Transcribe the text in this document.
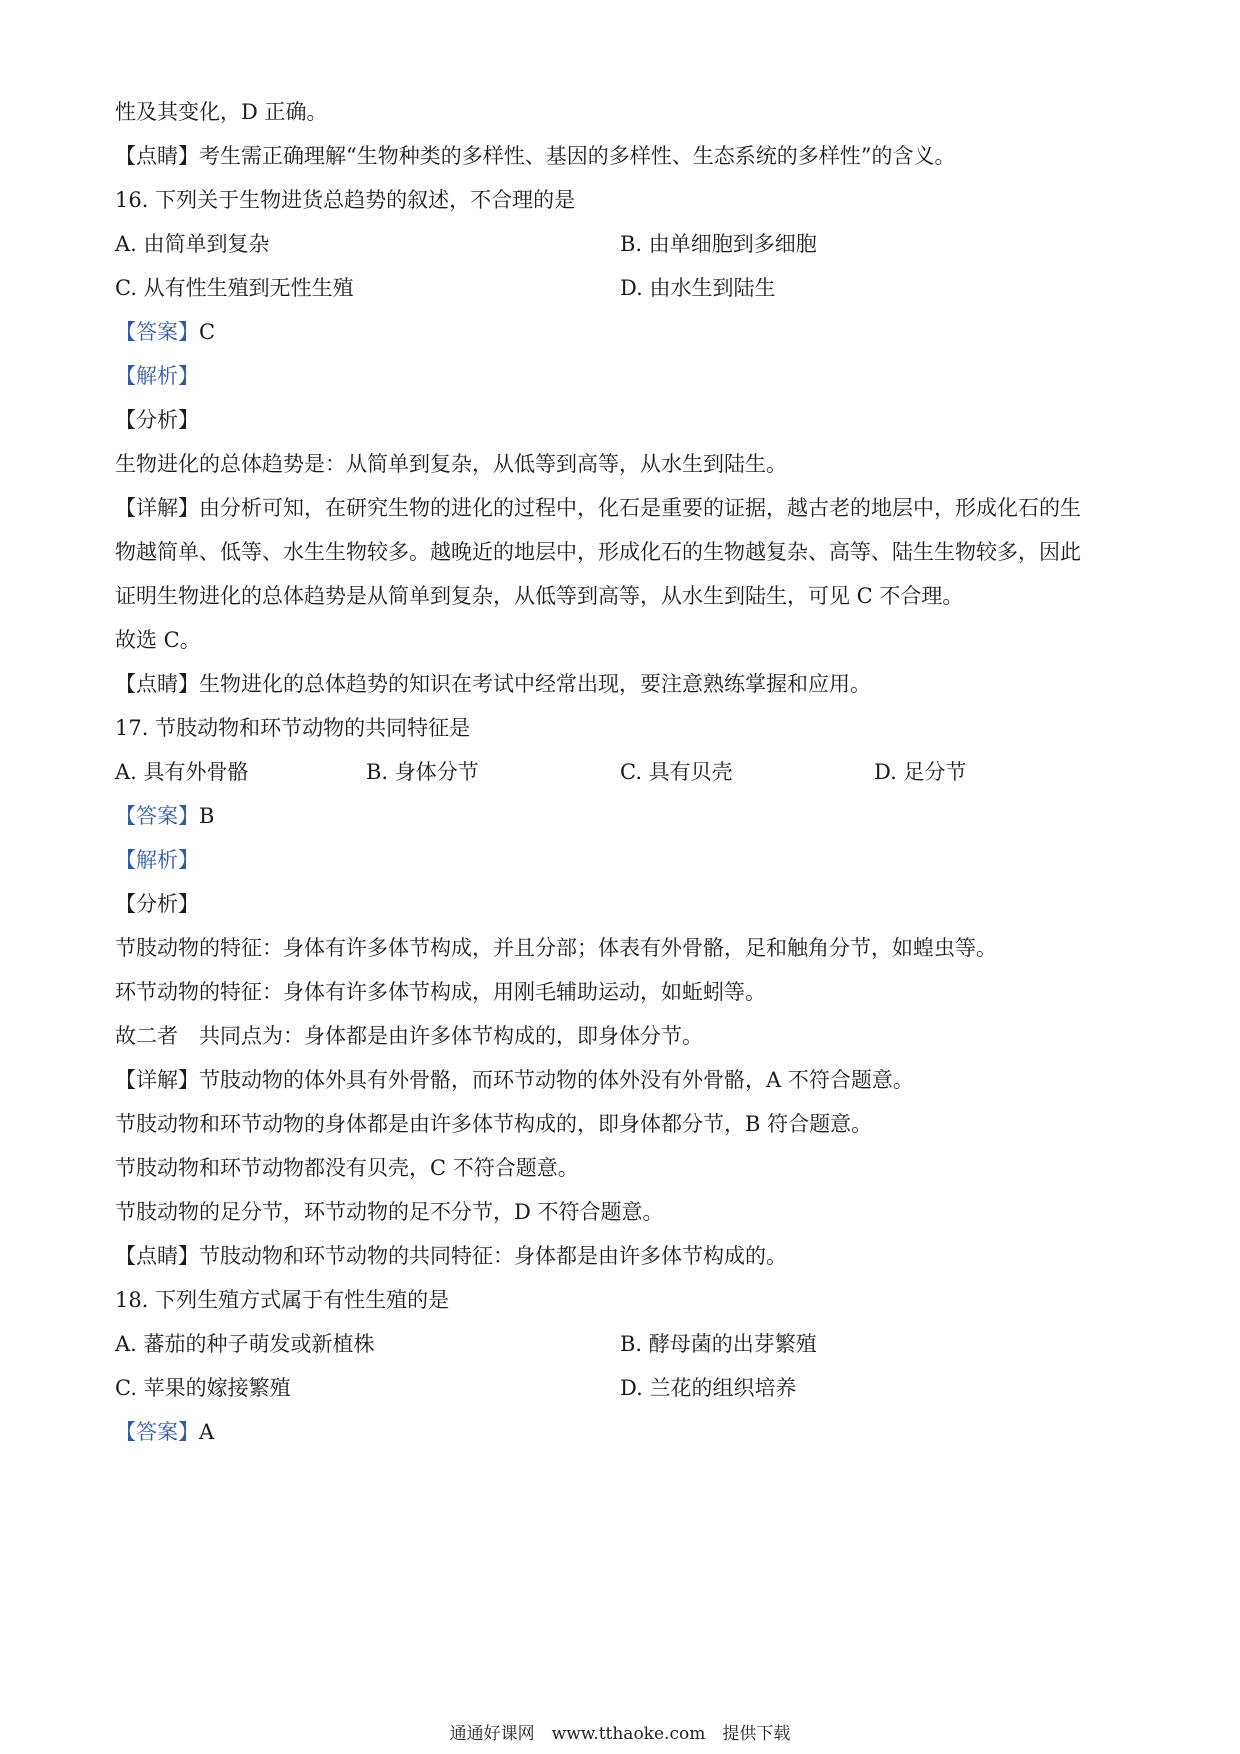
性及其变化，D 正确。
【点睛】考生需正确理解“生物种类的多样性、基因的多样性、生态系统的多样性”的含义。
16. 下列关于生物进货总趋势的叙述，不合理的是
A. 由简单到复杂	B. 由单细胞到多细胞
C. 从有性生殖到无性生殖	D. 由水生到陆生
【答案】C
【解析】
【分析】
生物进化的总体趋势是：从简单到复杂，从低等到高等，从水生到陆生。
【详解】由分析可知，在研究生物的进化的过程中，化石是重要的证据，越古老的地层中，形成化石的生
物越简单、低等、水生生物较多。越晚近的地层中，形成化石的生物越复杂、高等、陆生生物较多，因此
证明生物进化的总体趋势是从简单到复杂，从低等到高等，从水生到陆生，可见 C 不合理。
故选 C。
【点睛】生物进化的总体趋势的知识在考试中经常出现，要注意熟练掌握和应用。
17. 节肢动物和环节动物的共同特征是
A. 具有外骨骼	B. 身体分节	C. 具有贝壳	D. 足分节
【答案】B
【解析】
【分析】
节肢动物的特征：身体有许多体节构成，并且分部；体表有外骨骼，足和触角分节，如蝗虫等。
环节动物的特征：身体有许多体节构成，用刚毛辅助运动，如蚯蚓等。
故二者　共同点为：身体都是由许多体节构成的，即身体分节。
【详解】节肢动物的体外具有外骨骼，而环节动物的体外没有外骨骼，A 不符合题意。
节肢动物和环节动物的身体都是由许多体节构成的，即身体都分节，B 符合题意。
节肢动物和环节动物都没有贝壳，C 不符合题意。
节肢动物的足分节，环节动物的足不分节，D 不符合题意。
【点睛】节肢动物和环节动物的共同特征：身体都是由许多体节构成的。
18. 下列生殖方式属于有性生殖的是
A. 蕃茄的种子萌发或新植株	B. 酵母菌的出芽繁殖
C. 苹果的嫁接繁殖	D. 兰花的组织培养
【答案】A
通通好课网　www.tthaoke.com　提供下载
